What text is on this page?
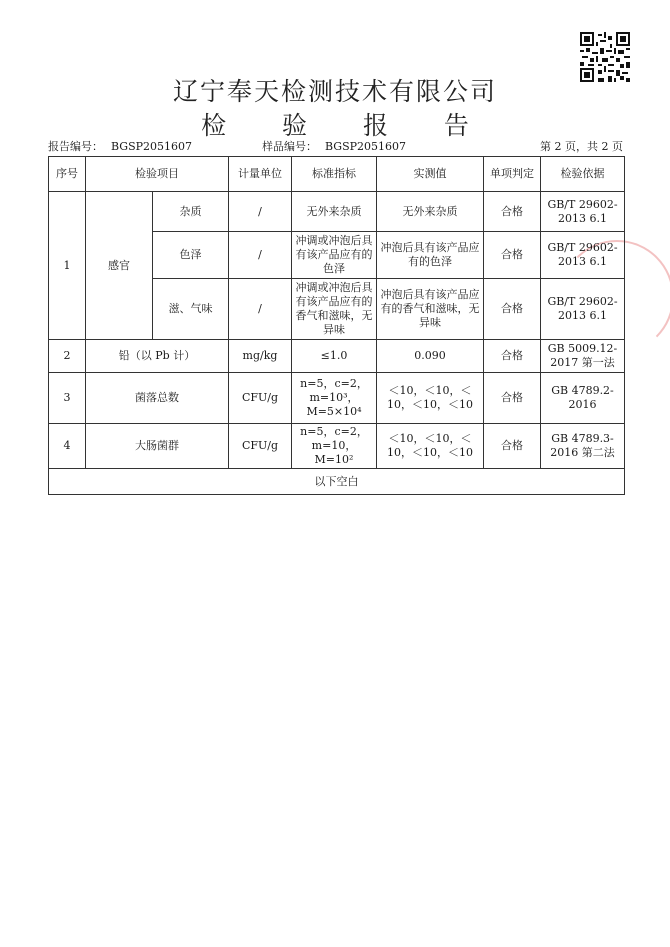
辽宁奉天检测技术有限公司
检 验 报 告
报告编号： BGSP2051607	样品编号： BGSP2051607	第 2 页，共 2 页
序号	检验项目		计量单位	标准指标	实测值	单项判定	检验依据
1	感官	杂质	/	无外来杂质	无外来杂质	合格	GB/T 29602-2013 6.1
		色泽	/	冲调或冲泡后具有该产品应有的色泽	冲泡后具有该产品应有的色泽	合格	GB/T 29602-2013 6.1
		滋、气味	/	冲调或冲泡后具有该产品应有的香气和滋味，无异味	冲泡后具有该产品应有的香气和滋味，无异味	合格	GB/T 29602-2013 6.1
2	铅（以 Pb 计）		mg/kg	≤1.0	0.090	合格	GB 5009.12-2017 第一法
3	菌落总数		CFU/g	n=5，c=2，m=10³，M=5×10⁴	＜10，＜10，＜10，＜10，＜10	合格	GB 4789.2-2016
4	大肠菌群		CFU/g	n=5，c=2，m=10，M=10²	＜10，＜10，＜10，＜10，＜10	合格	GB 4789.3-2016 第二法
以下空白							
